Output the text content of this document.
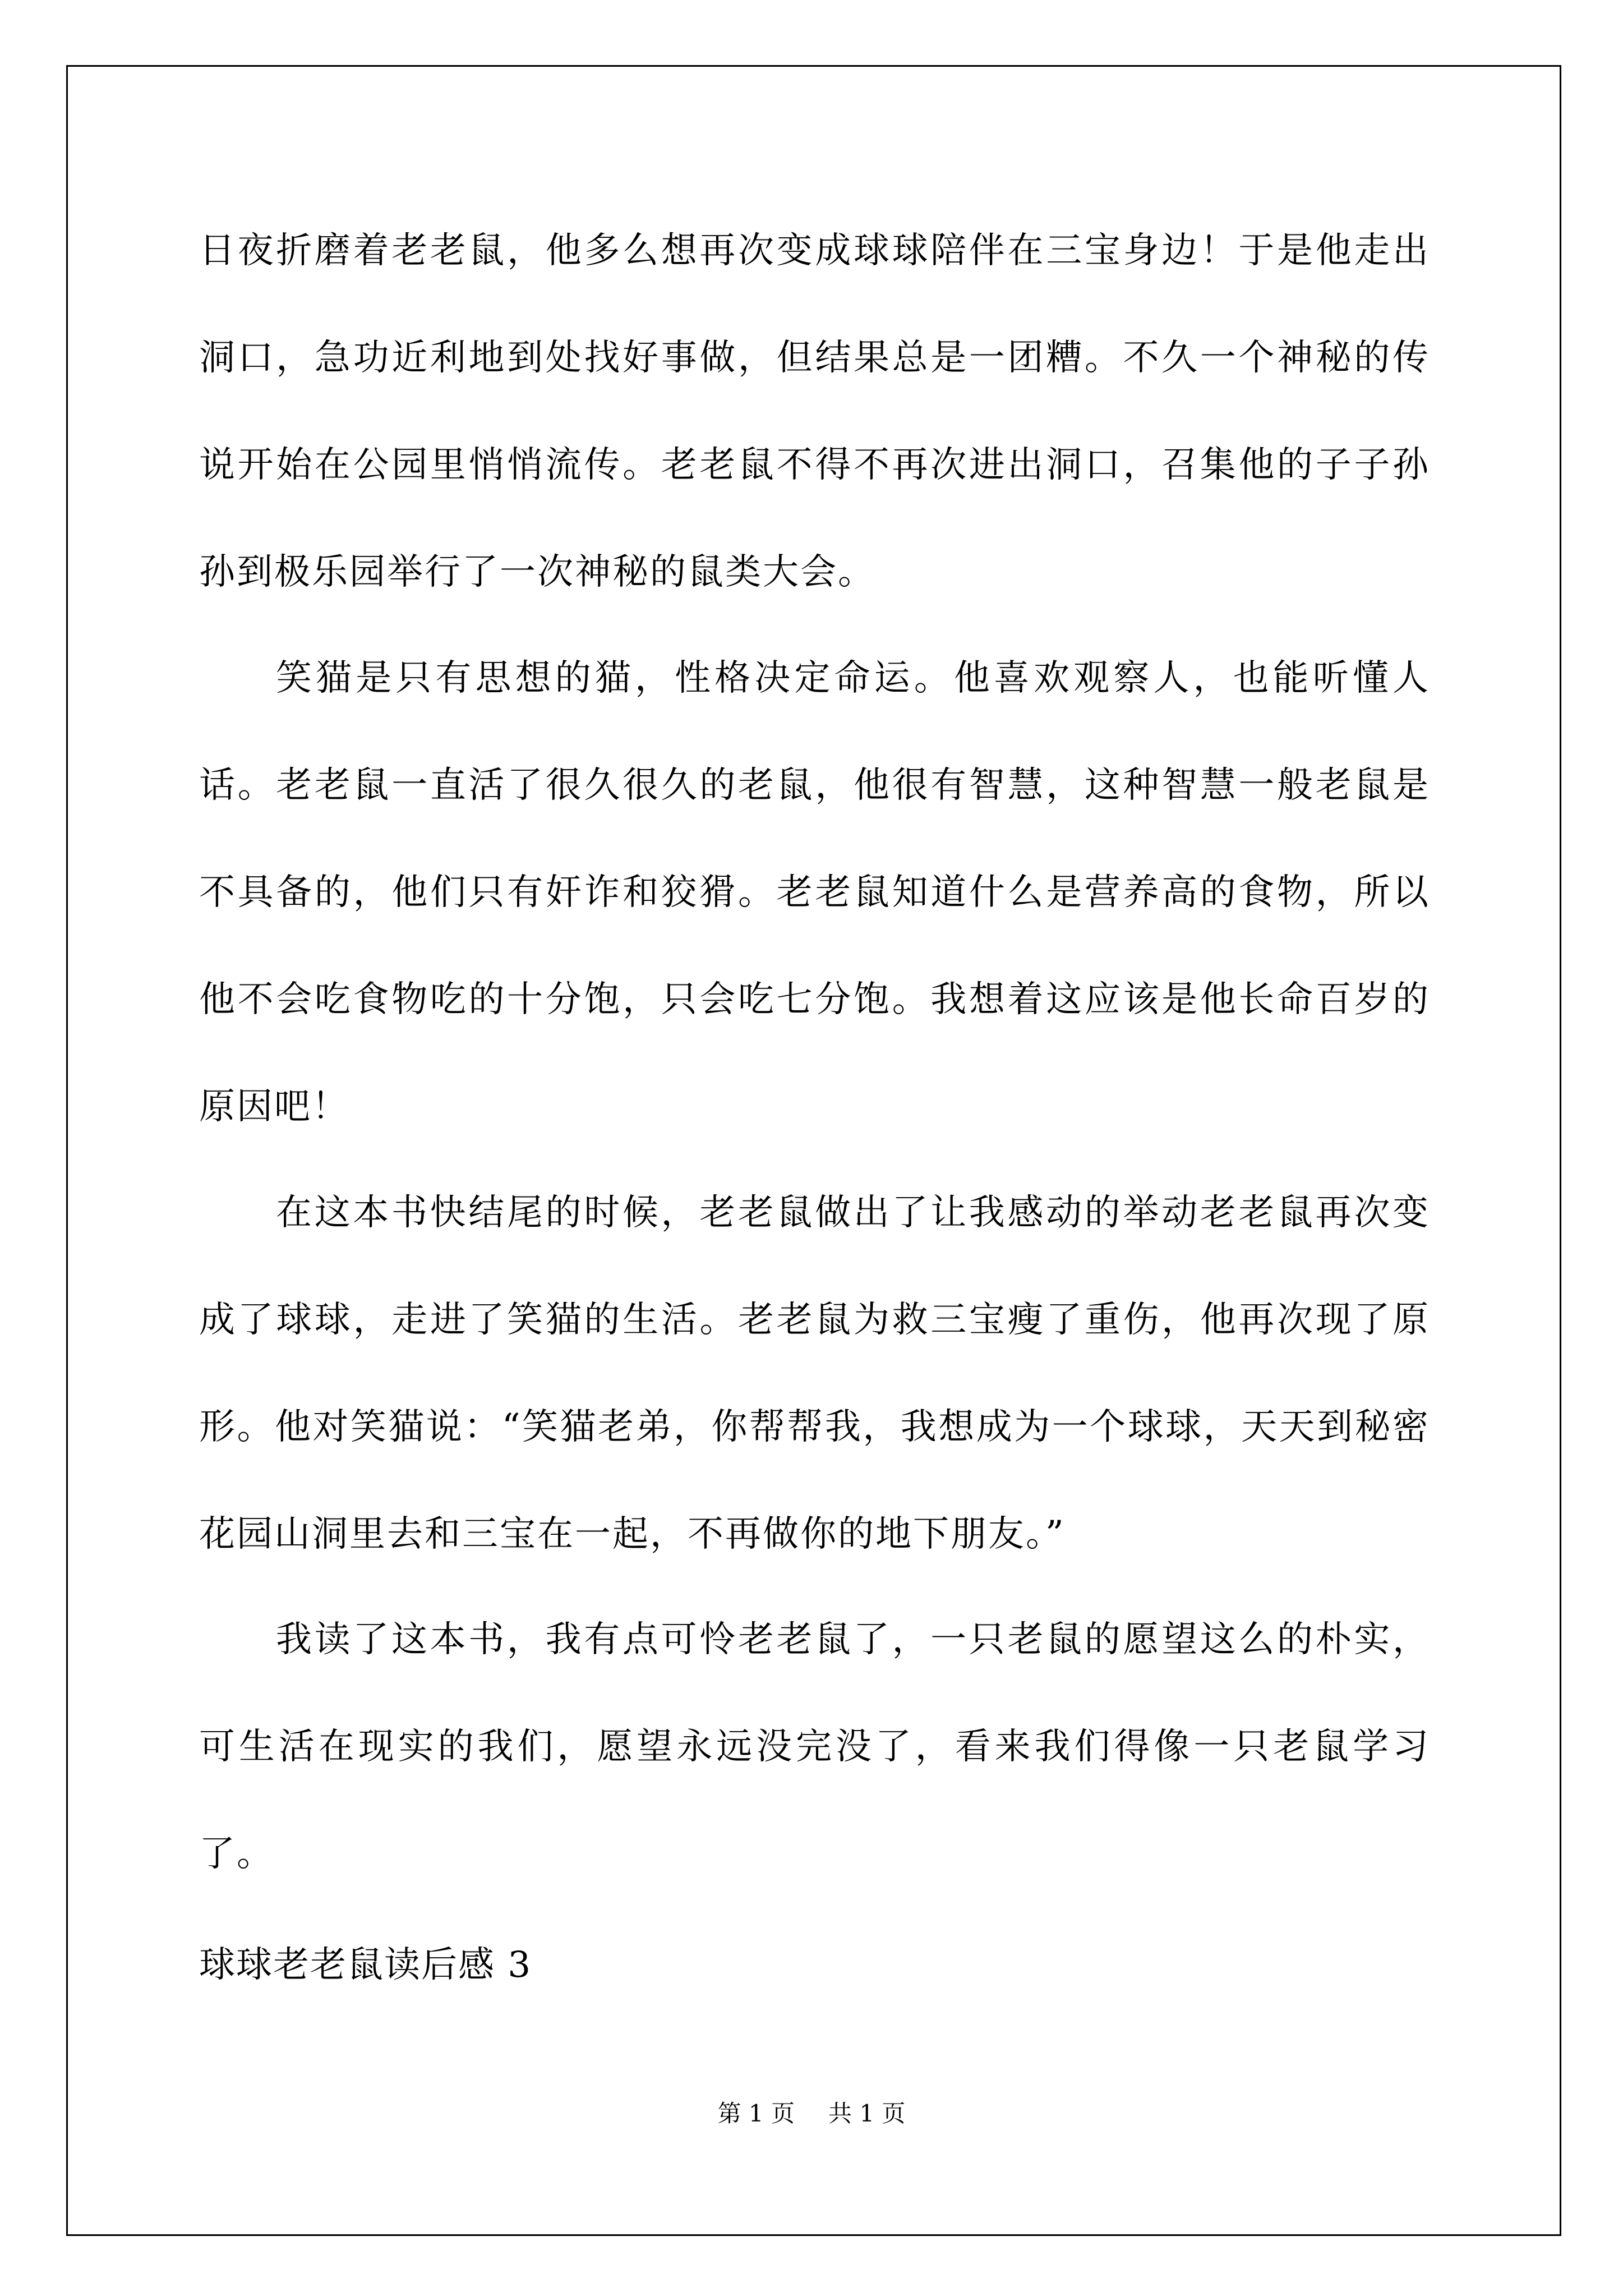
日夜折磨着老老鼠，他多么想再次变成球球陪伴在三宝身边！于是他走出洞口，急功近利地到处找好事做，但结果总是一团糟。不久一个神秘的传说开始在公园里悄悄流传。老老鼠不得不再次进出洞口，召集他的子子孙孙到极乐园举行了一次神秘的鼠类大会。

笑猫是只有思想的猫，性格决定命运。他喜欢观察人，也能听懂人话。老老鼠一直活了很久很久的老鼠，他很有智慧，这种智慧一般老鼠是不具备的，他们只有奸诈和狡猾。老老鼠知道什么是营养高的食物，所以他不会吃食物吃的十分饱，只会吃七分饱。我想着这应该是他长命百岁的原因吧！

在这本书快结尾的时候，老老鼠做出了让我感动的举动老老鼠再次变成了球球，走进了笑猫的生活。老老鼠为救三宝瘦了重伤，他再次现了原形。他对笑猫说：“笑猫老弟，你帮帮我，我想成为一个球球，天天到秘密花园山洞里去和三宝在一起，不再做你的地下朋友。”

我读了这本书，我有点可怜老老鼠了，一只老鼠的愿望这么的朴实，可生活在现实的我们，愿望永远没完没了，看来我们得像一只老鼠学习了。

球球老老鼠读后感 3
第 1 页 共 1 页
